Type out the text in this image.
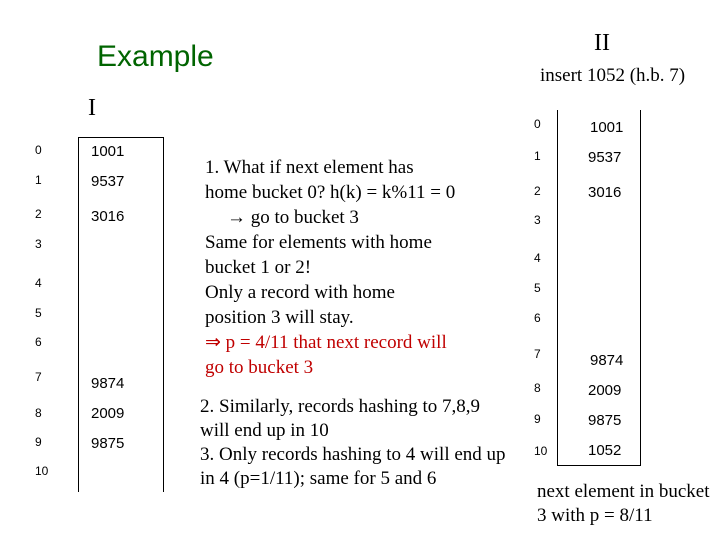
Example
I
II
insert 1052 (h.b. 7)
0	1001
1	9537
2	3016
3
4
5
6
7	9874
8	2009
9	9875
10
0	1001
1	9537
2	3016
3
4
5
6
7	9874
8	2009
9	9875
10	1052
1. What if next element has
home bucket 0? h(k) = k%11 = 0
→ go to bucket 3
Same for elements with home
bucket 1 or 2!
Only a record with home
position 3 will stay.
⇒ p = 4/11 that next record will
go to bucket 3
2. Similarly, records hashing to 7,8,9
will end up in 10
3. Only records hashing to 4 will end up
in 4 (p=1/11); same for 5 and 6
next element in bucket
3 with p = 8/11
